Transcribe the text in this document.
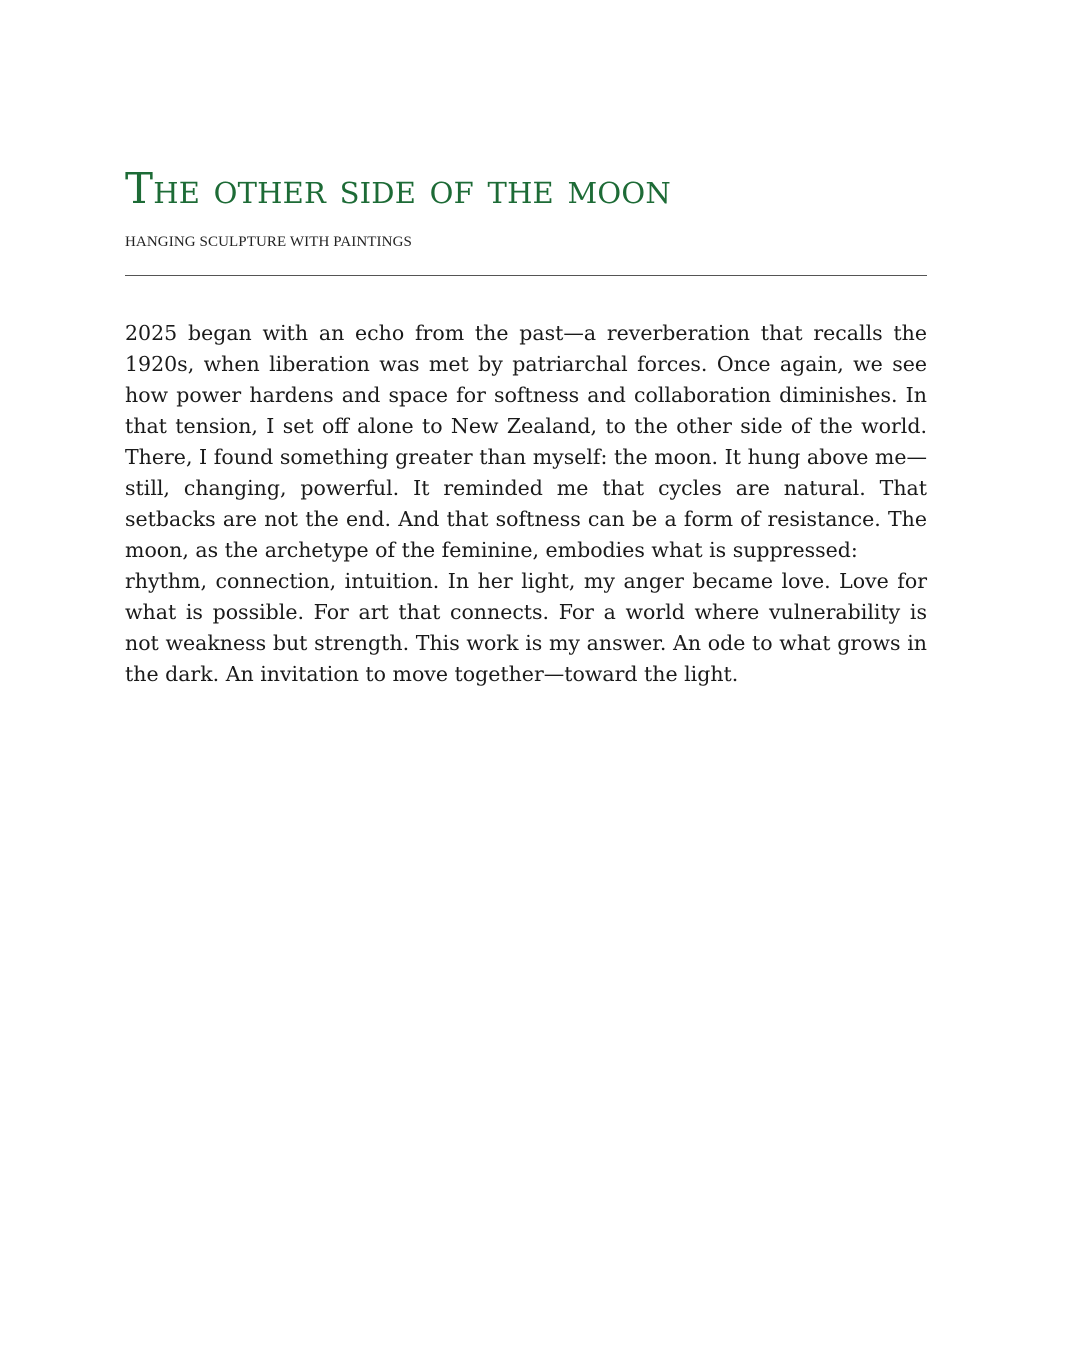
The other side of the moon
HANGING SCULPTURE WITH PAINTINGS
2025 began with an echo from the past—a reverberation that recalls the 1920s, when liberation was met by patriarchal forces. Once again, we see how power hardens and space for softness and collaboration diminishes. In that tension, I set off alone to New Zealand, to the other side of the world. There, I found something greater than myself: the moon. It hung above me—still, changing, powerful. It reminded me that cycles are natural. That setbacks are not the end. And that softness can be a form of resistance. The moon, as the archetype of the feminine, embodies what is suppressed:
rhythm, connection, intuition. In her light, my anger became love. Love for what is possible. For art that connects. For a world where vulnerability is not weakness but strength. This work is my answer. An ode to what grows in the dark. An invitation to move together—toward the light.
